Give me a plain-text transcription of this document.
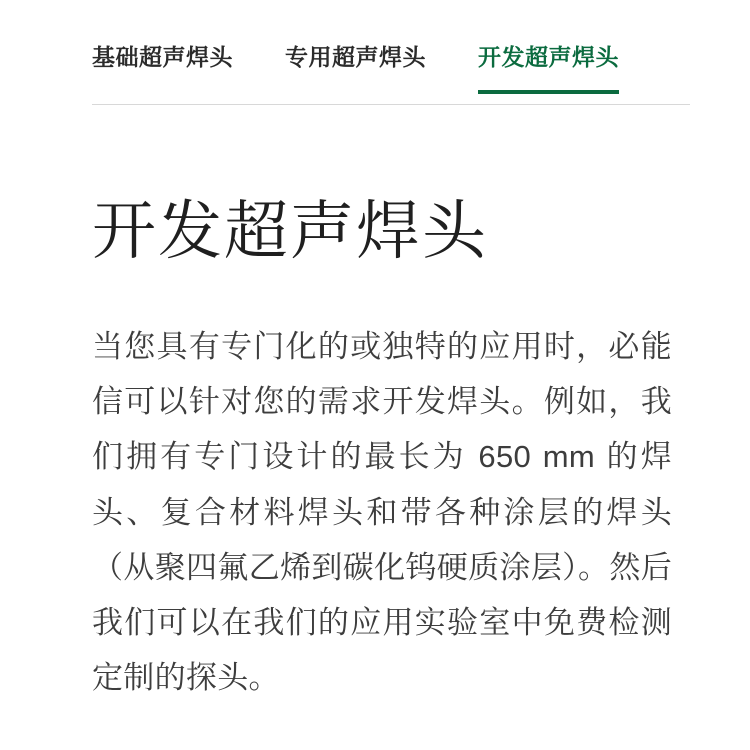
基础超声焊头 专用超声焊头 开发超声焊头
开发超声焊头

当您具有专门化的或独特的应用时，必能信可以针对您的需求开发焊头。例如，我们拥有专门设计的最长为 650 mm 的焊头、复合材料焊头和带各种涂层的焊头（从聚四氟乙烯到碳化钨硬质涂层）。然后我们可以在我们的应用实验室中免费检测定制的探头。
